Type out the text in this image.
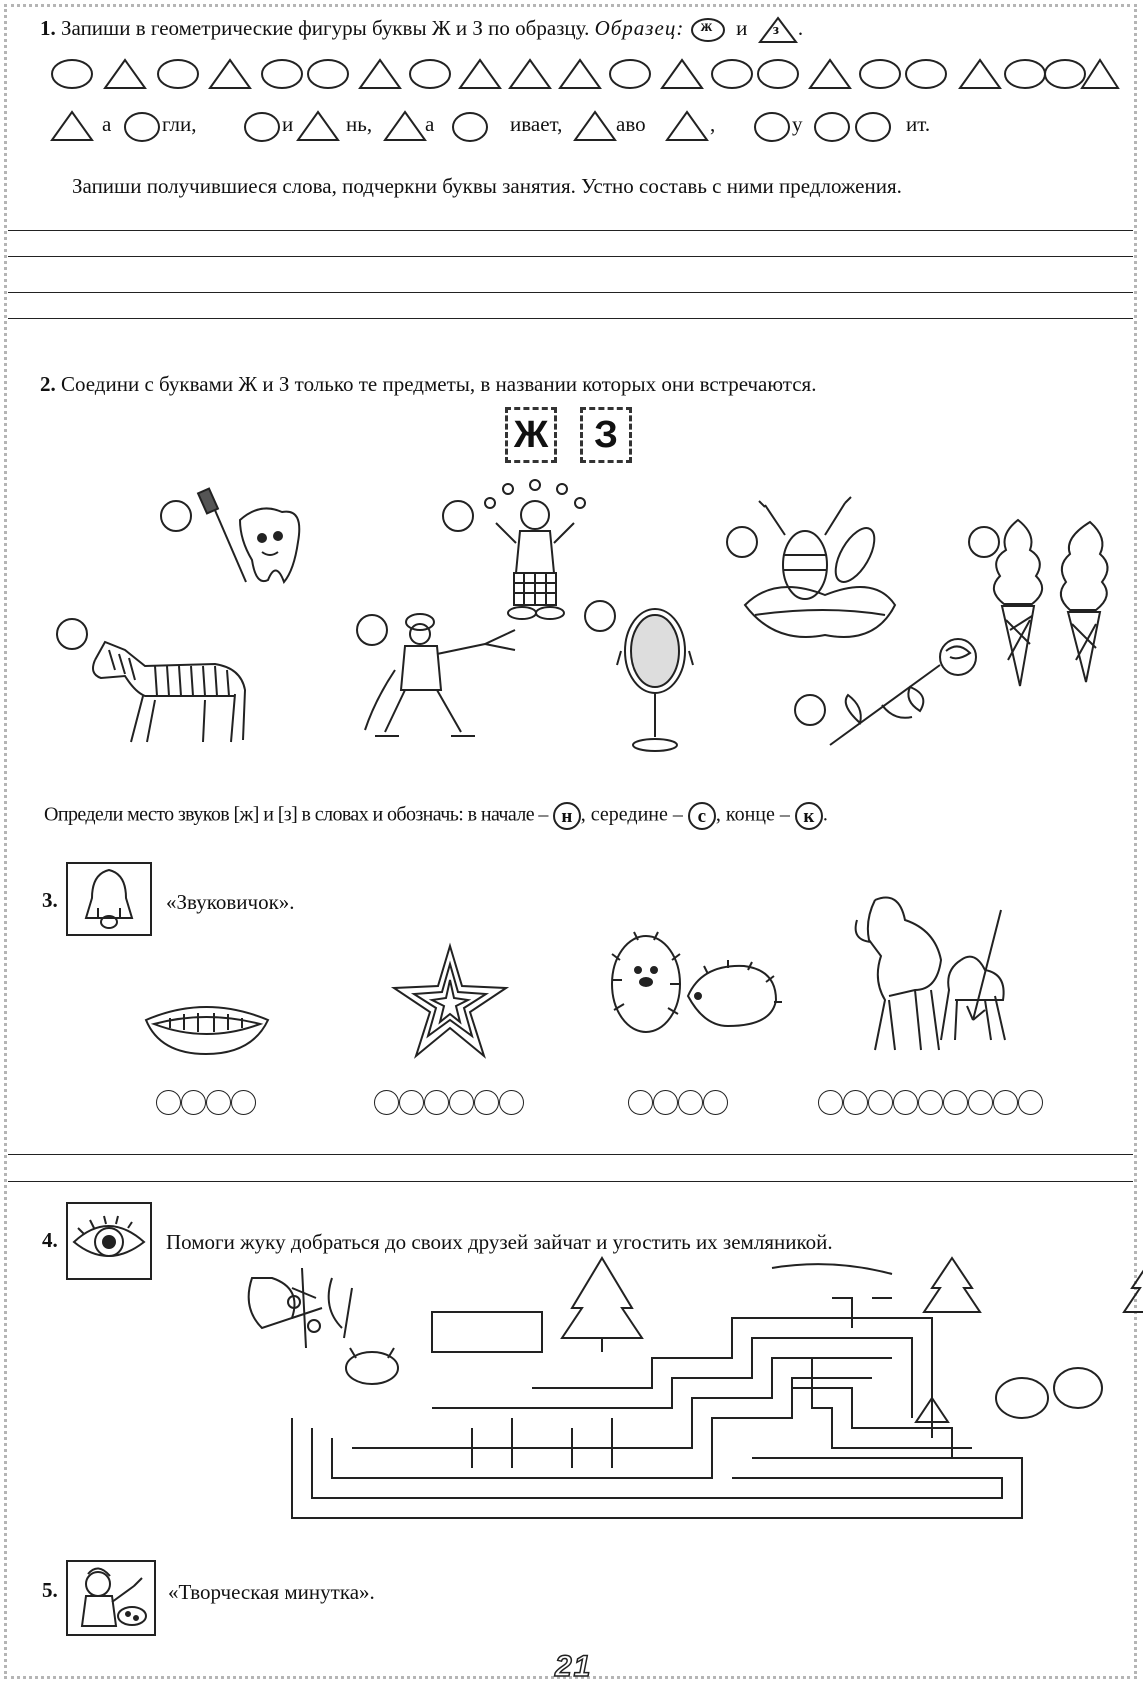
1. Запиши в геометрические фигуры буквы Ж и З по образцу. Образец: ж и з .
а гли,	и	нь,	а	ивает,	аво	,	у	ит.
Запиши получившиеся слова, подчеркни буквы занятия. Устно составь с ними предложения.
2. Соедини с буквами Ж и З только те предметы, в названии которых они встречаются.
Ж	З
Определи место звуков [ж] и [з] в словах и обозначь: в начале – н , середине – с , конце – к .
3.	«Звуковичок».
4.	Помоги жуку добраться до своих друзей зайчат и угостить их земляникой.
5.	«Творческая минутка».
21
